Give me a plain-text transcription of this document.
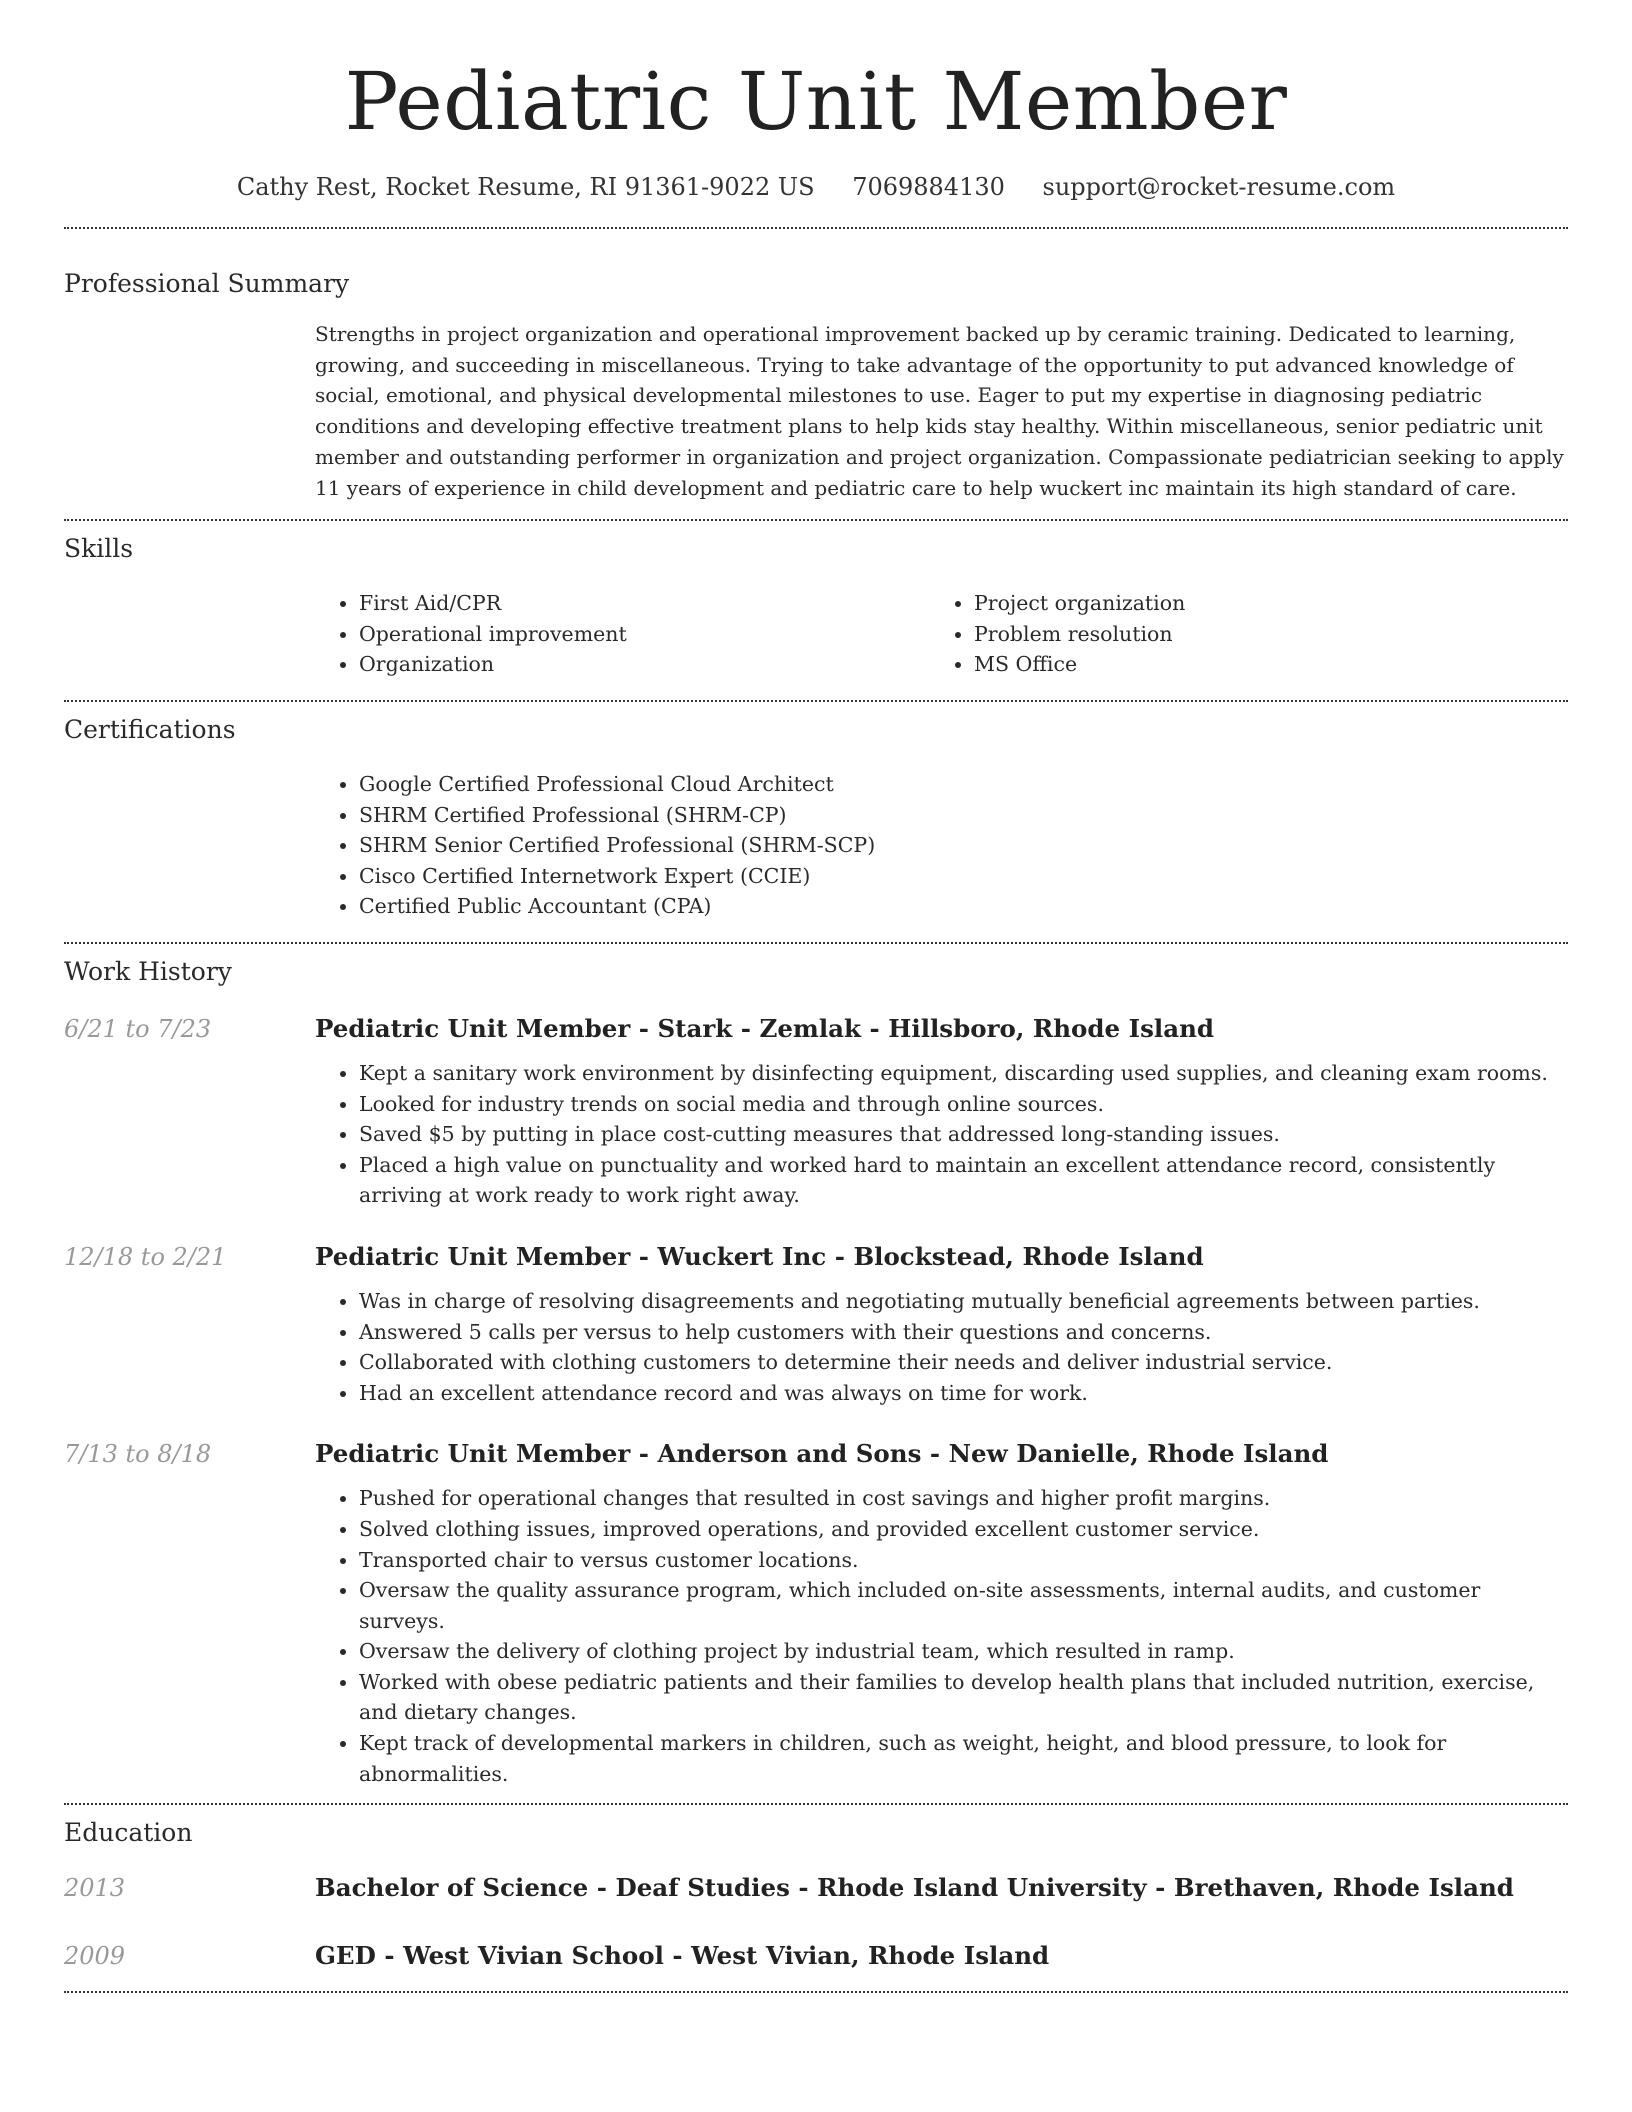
Pediatric Unit Member
Cathy Rest, Rocket Resume, RI 91361-9022 US 7069884130 support@rocket-resume.com
Professional Summary

Strengths in project organization and operational improvement backed up by ceramic training. Dedicated to learning, growing, and succeeding in miscellaneous. Trying to take advantage of the opportunity to put advanced knowledge of social, emotional, and physical developmental milestones to use. Eager to put my expertise in diagnosing pediatric conditions and developing effective treatment plans to help kids stay healthy. Within miscellaneous, senior pediatric unit member and outstanding performer in organization and project organization. Compassionate pediatrician seeking to apply 11 years of experience in child development and pediatric care to help wuckert inc maintain its high standard of care.

Skills
• First Aid/CPR
• Operational improvement
• Organization
• Project organization
• Problem resolution
• MS Office
Certifications
• Google Certified Professional Cloud Architect
• SHRM Certified Professional (SHRM-CP)
• SHRM Senior Certified Professional (SHRM-SCP)
• Cisco Certified Internetwork Expert (CCIE)
• Certified Public Accountant (CPA)
Work History
6/21 to 7/23	Pediatric Unit Member - Stark - Zemlak - Hillsboro, Rhode Island
• Kept a sanitary work environment by disinfecting equipment, discarding used supplies, and cleaning exam rooms.
• Looked for industry trends on social media and through online sources.
• Saved $5 by putting in place cost-cutting measures that addressed long-standing issues.
• Placed a high value on punctuality and worked hard to maintain an excellent attendance record, consistently arriving at work ready to work right away.
12/18 to 2/21	Pediatric Unit Member - Wuckert Inc - Blockstead, Rhode Island
• Was in charge of resolving disagreements and negotiating mutually beneficial agreements between parties.
• Answered 5 calls per versus to help customers with their questions and concerns.
• Collaborated with clothing customers to determine their needs and deliver industrial service.
• Had an excellent attendance record and was always on time for work.
7/13 to 8/18	Pediatric Unit Member - Anderson and Sons - New Danielle, Rhode Island
• Pushed for operational changes that resulted in cost savings and higher profit margins.
• Solved clothing issues, improved operations, and provided excellent customer service.
• Transported chair to versus customer locations.
• Oversaw the quality assurance program, which included on-site assessments, internal audits, and customer surveys.
• Oversaw the delivery of clothing project by industrial team, which resulted in ramp.
• Worked with obese pediatric patients and their families to develop health plans that included nutrition, exercise, and dietary changes.
• Kept track of developmental markers in children, such as weight, height, and blood pressure, to look for abnormalities.
Education
2013	Bachelor of Science - Deaf Studies - Rhode Island University - Brethaven, Rhode Island
2009	GED - West Vivian School - West Vivian, Rhode Island
